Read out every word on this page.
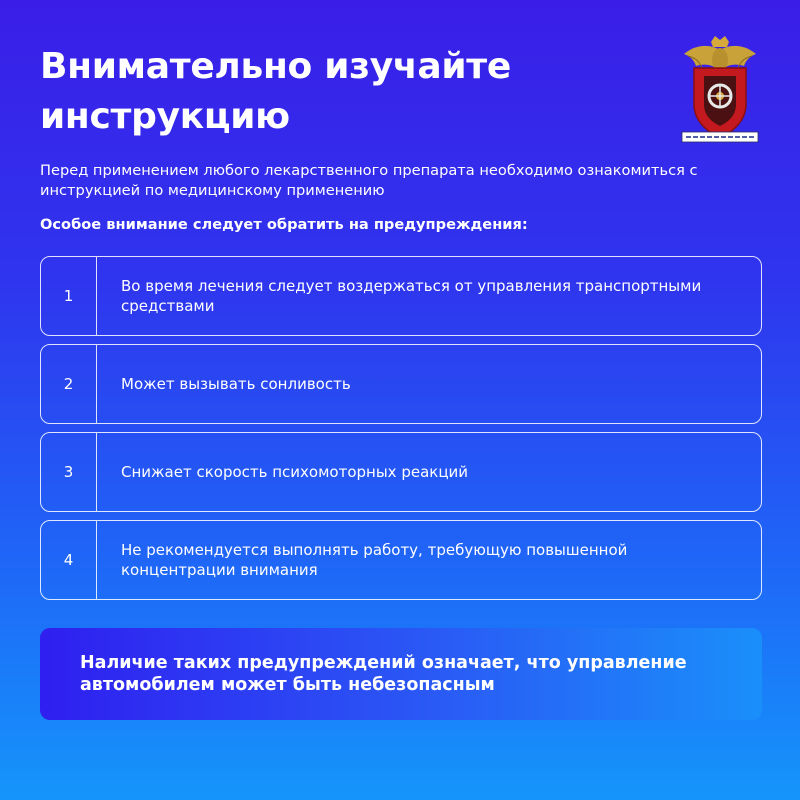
Внимательно изучайте инструкцию
Перед применением любого лекарственного препарата необходимо ознакомиться с инструкцией по медицинскому применению
Особое внимание следует обратить на предупреждения:
1
Во время лечения следует воздержаться от управления транспортными средствами
2	Может вызывать сонливость
3	Снижает скорость психомоторных реакций
4
Не рекомендуется выполнять работу, требующую повышенной концентрации внимания
Наличие таких предупреждений означает, что управление автомобилем может быть небезопасным
